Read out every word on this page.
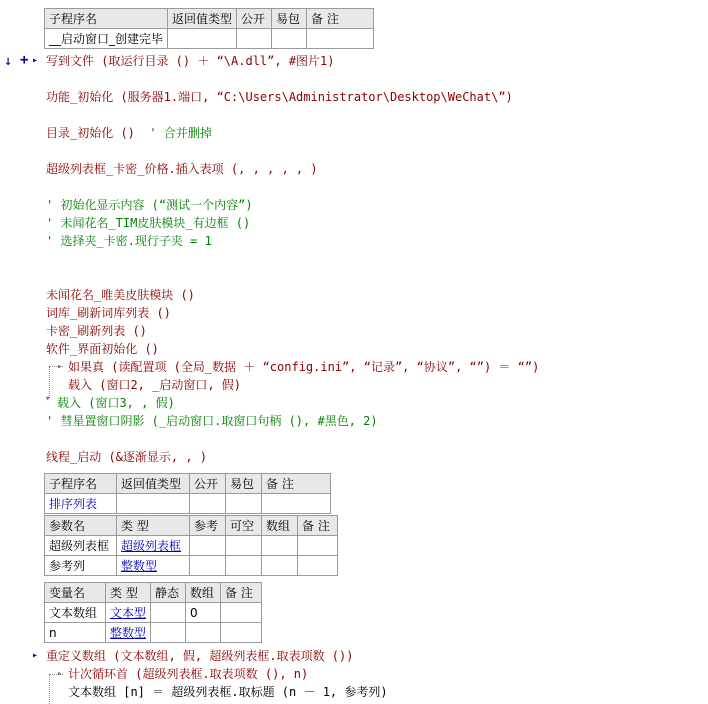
子程序名	返回值类型	公开	易包	备 注
__启动窗口_创建完毕				
↓ + ▸ 写到文件 (取运行目录 () ＋ “\A.dll”, #图片1)
功能_初始化 (服务器1.端口, “C:\Users\Administrator\Desktop\WeChat\”)
目录_初始化 ()  ' 合并删掉
超级列表框_卡密_价格.插入表项 (, , , , , )
' 初始化显示内容 (“测试一个内容”)
' 未闻花名_TIM皮肤模块_有边框 ()
' 选择夹_卡密.现行子夹 = 1
未闻花名_唯美皮肤模块 ()
词库_刷新词库列表 ()
卡密_刷新列表 ()
软件_界面初始化 ()
▸ 如果真 (读配置项 (全局_数据 ＋ “config.ini”, “记录”, “协议”, “”) ＝ “”)
载入 (窗口2, _启动窗口, 假)
▾ 载入 (窗口3, , 假)
' 彗星置窗口阴影 (_启动窗口.取窗口句柄 (), #黑色, 2)
线程_启动 (&逐渐显示, , )
子程序名	返回值类型	公开	易包	备 注
排序列表				
参数名	类 型	参考	可空	数组	备 注
超级列表框	超级列表框				
参考列	整数型				
变量名	类 型	静态	数组	备 注
文本数组	文本型		0	
n	整数型			
▸ 重定义数组 (文本数组, 假, 超级列表框.取表项数 ())
▸ 计次循环首 (超级列表框.取表项数 (), n)
文本数组 [n] ＝ 超级列表框.取标题 (n － 1, 参考列)
